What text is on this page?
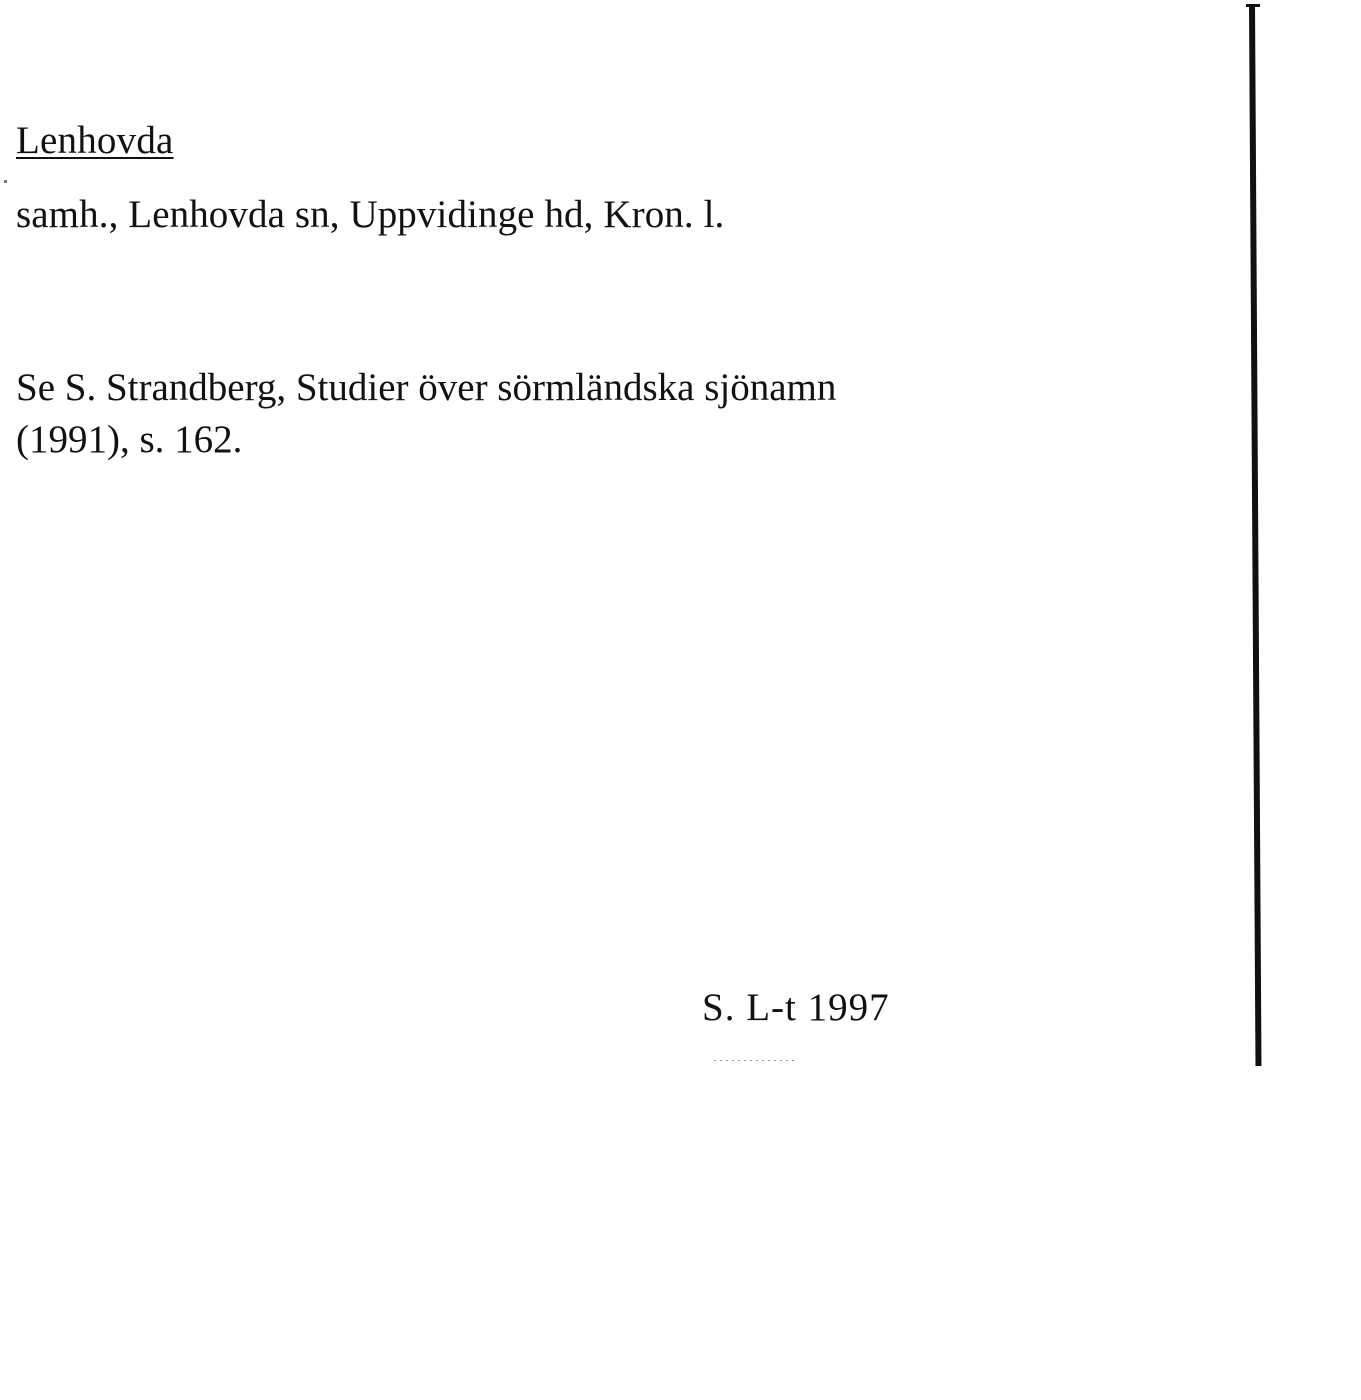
Lenhovda
samh., Lenhovda sn, Uppvidinge hd, Kron. l.
Se S. Strandberg, Studier över sörmländska sjönamn
(1991), s. 162.
S. L-t 1997
